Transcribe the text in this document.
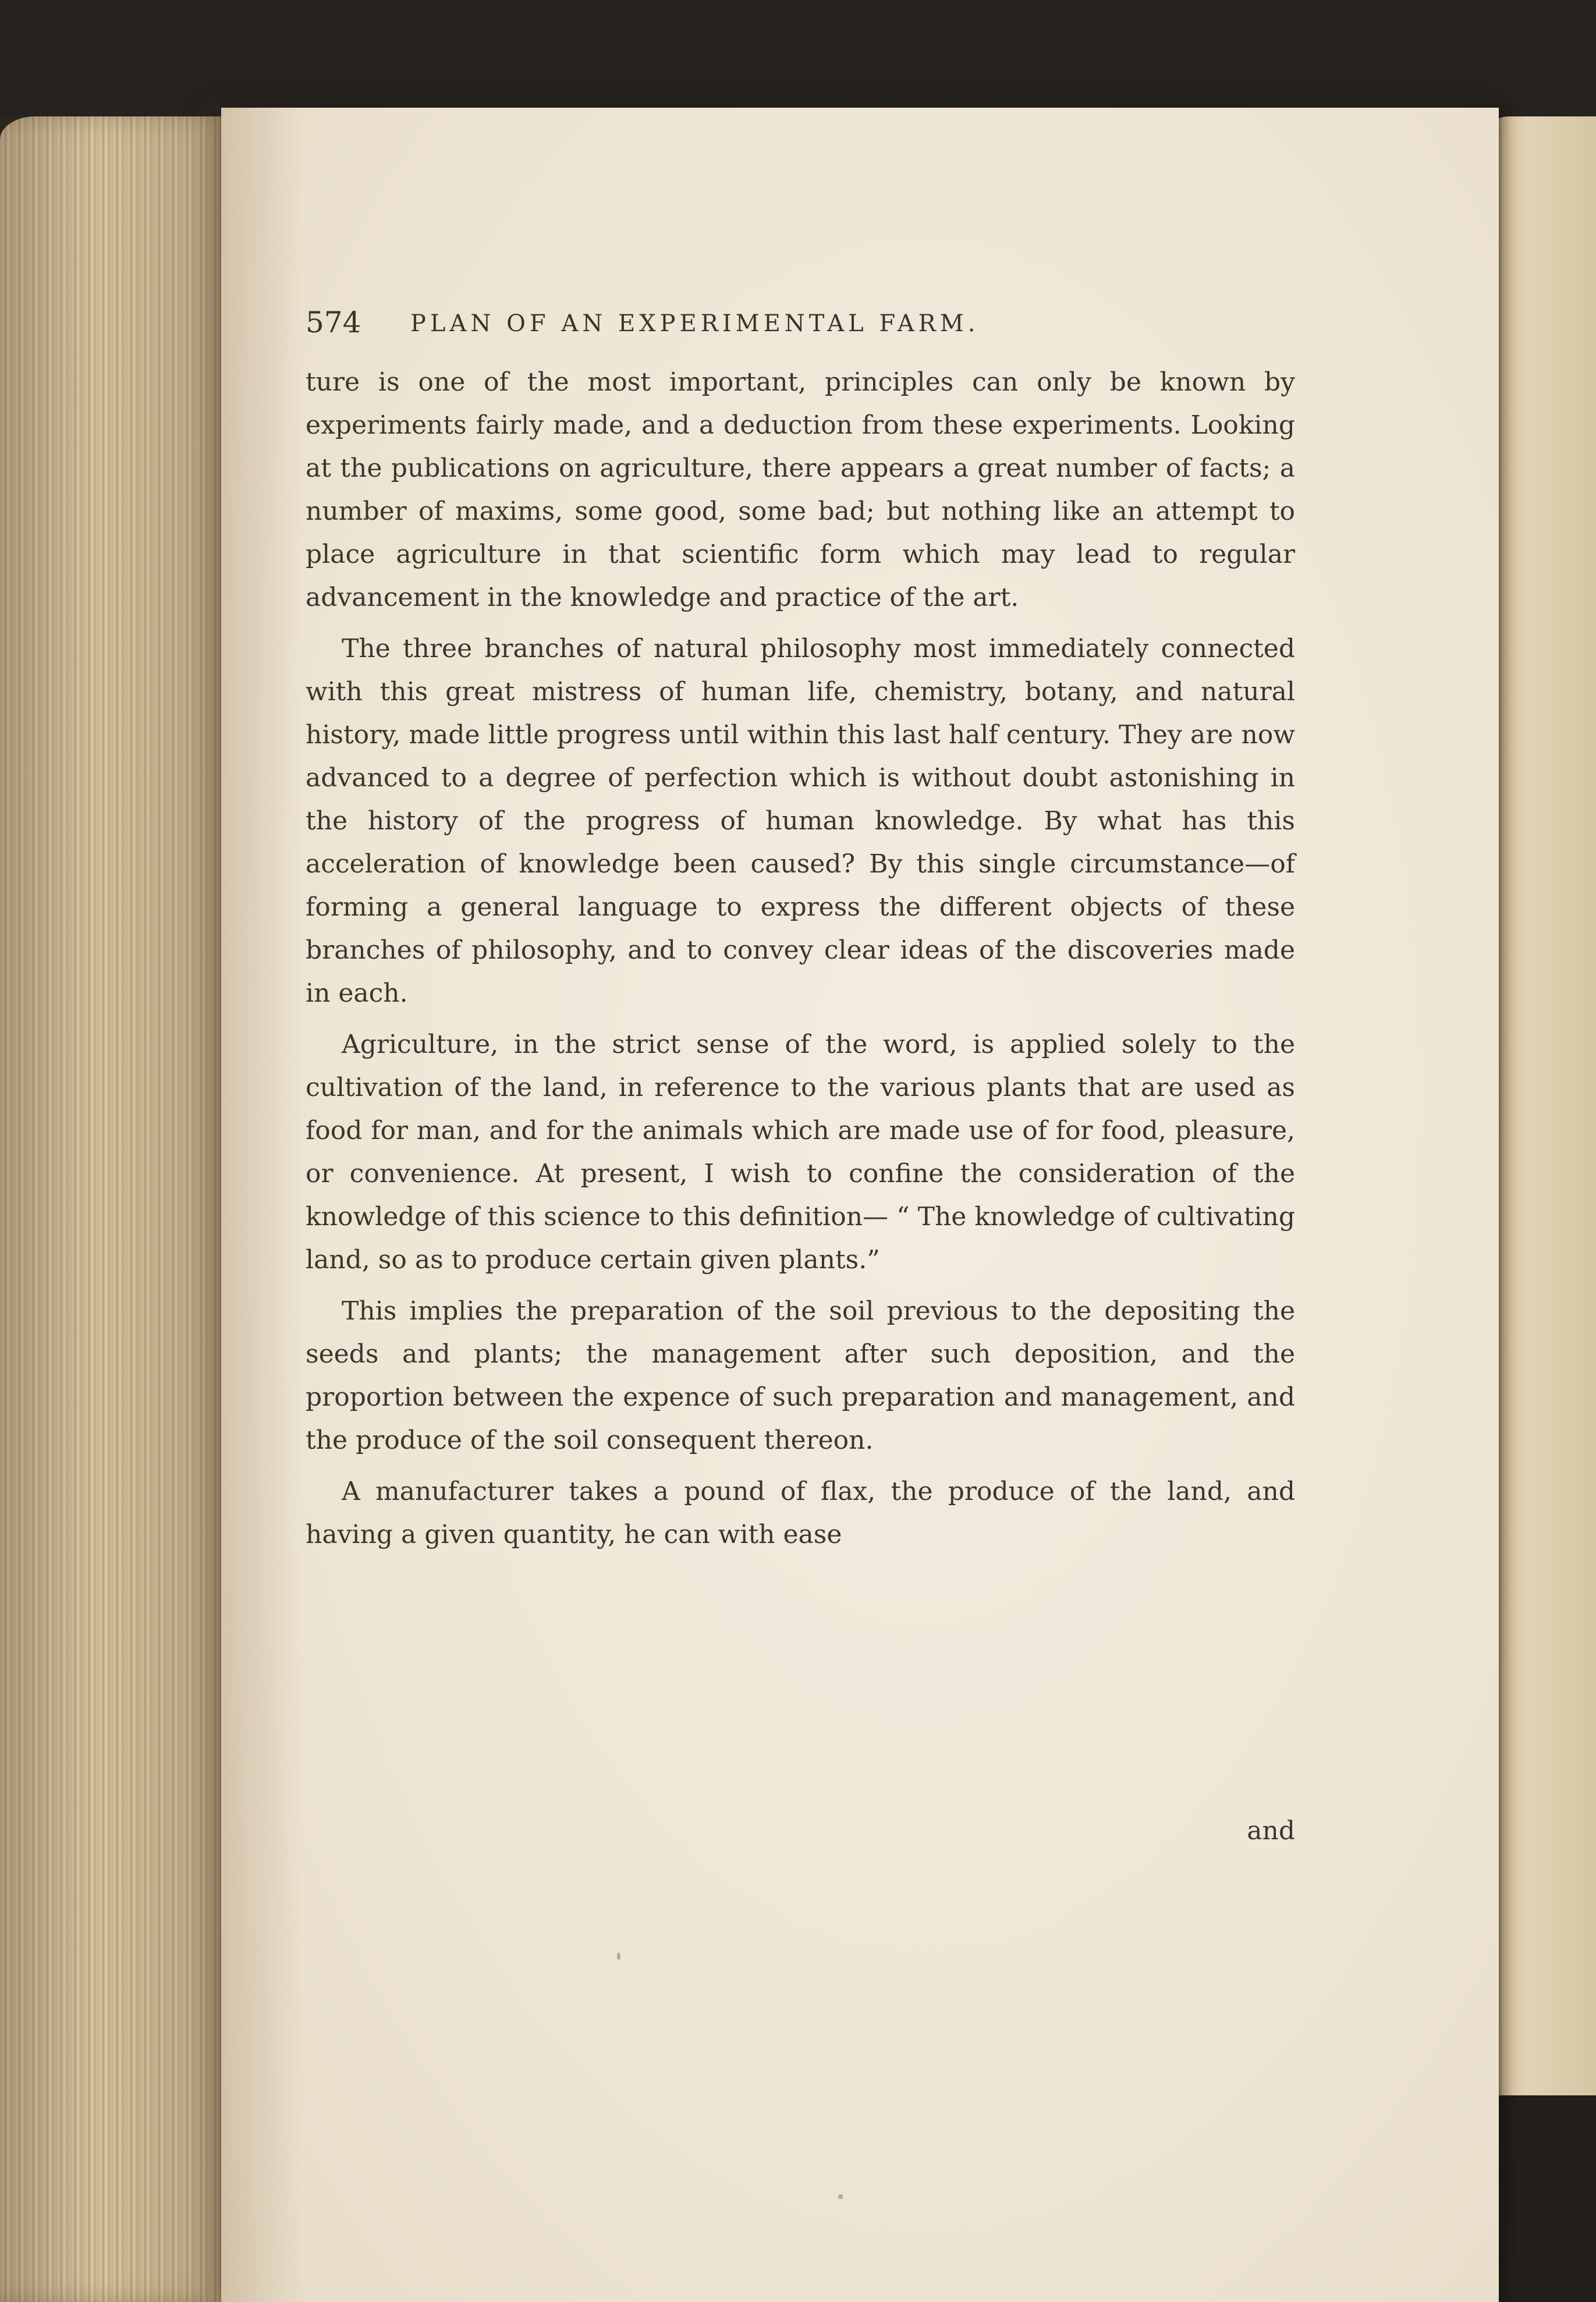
574 PLAN OF AN EXPERIMENTAL FARM.

ture is one of the most important, principles can only be known by experiments fairly made, and a deduction from these experiments. Looking at the publications on agriculture, there appears a great number of facts; a number of maxims, some good, some bad; but nothing like an attempt to place agriculture in that scientific form which may lead to regular advancement in the knowledge and practice of the art.

The three branches of natural philosophy most immediately connected with this great mistress of human life, chemistry, botany, and natural history, made little progress until within this last half century. They are now advanced to a degree of perfection which is without doubt astonishing in the history of the progress of human knowledge. By what has this acceleration of knowledge been caused? By this single circumstance—of forming a general language to express the different objects of these branches of philosophy, and to convey clear ideas of the discoveries made in each.

Agriculture, in the strict sense of the word, is applied solely to the cultivation of the land, in reference to the various plants that are used as food for man, and for the animals which are made use of for food, pleasure, or convenience. At present, I wish to confine the consideration of the knowledge of this science to this definition— “ The knowledge of cultivating land, so as to produce certain given plants.”

This implies the preparation of the soil previous to the depositing the seeds and plants; the management after such deposition, and the proportion between the expence of such preparation and management, and the produce of the soil consequent thereon.

A manufacturer takes a pound of flax, the produce of the land, and having a given quantity, he can with ease

and
